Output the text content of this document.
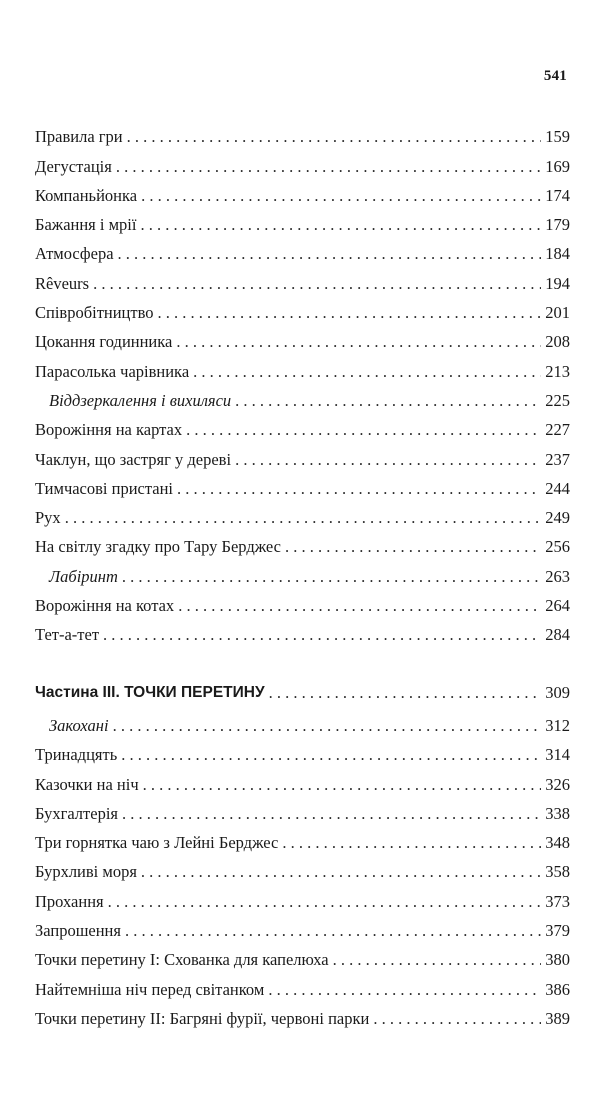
541
Правила гри . . .	159
Дегустація . . .	169
Компаньйонка . . .	174
Бажання і мрії . . .	179
Атмосфера . . .	184
Rêveurs . . .	194
Співробітництво . . .	201
Цокання годинника . . .	208
Парасолька чарівника . . .	213
Віддзеркалення і вихиляси . . .	225
Ворожіння на картах . . .	227
Чаклун, що застряг у дереві . . .	237
Тимчасові пристані . . .	244
Рух . . .	249
На світлу згадку про Тару Берджес . . .	256
Лабіринт . . .	263
Ворожіння на котах . . .	264
Тет-а-тет . . .	284
Частина III. ТОЧКИ ПЕРЕТИНУ . . .	309
Закохані . . .	312
Тринадцять . . .	314
Казочки на ніч . . .	326
Бухгалтерія . . .	338
Три горнятка чаю з Лейні Берджес . . .	348
Бурхливі моря . . .	358
Прохання . . .	373
Запрошення . . .	379
Точки перетину I: Схованка для капелюха . . .	380
Найтемніша ніч перед світанком . . .	386
Точки перетину II: Багряні фурії, червоні парки . . .	389
